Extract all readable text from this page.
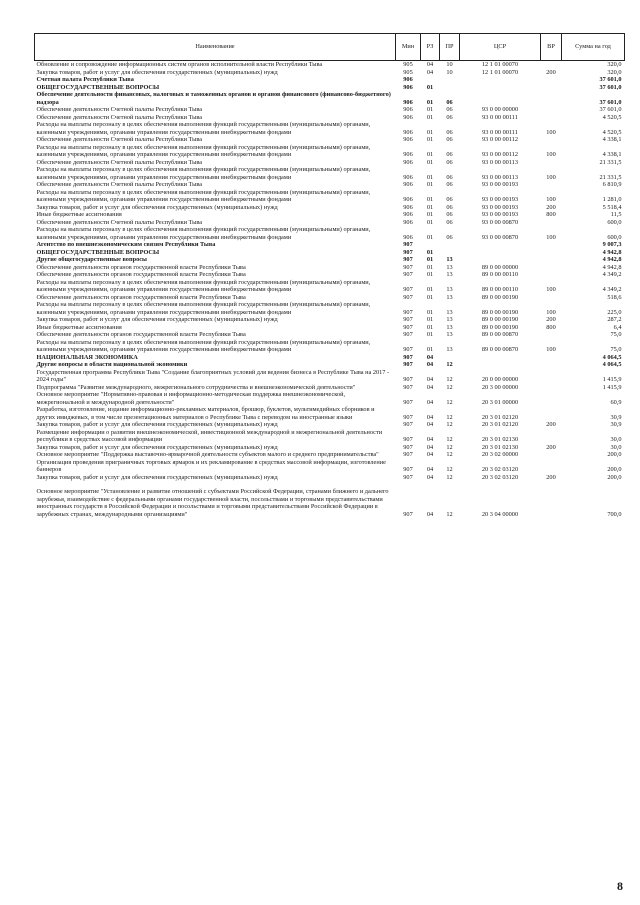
Наименование	Мин	РЗ	ПР	ЦСР	ВР	Сумма на год
Обновление и сопровождение информационных систем органов исполнительной власти Республики Тыва	905	04	10	12 1 01 00070		320,0
Закупка товаров, работ и услуг для обеспечения государственных (муниципальных) нужд	905	04	10	12 1 01 00070	200	320,0
Счетная палата Республики Тыва	906					37 601,0
ОБЩЕГОСУДАРСТВЕННЫЕ ВОПРОСЫ	906	01				37 601,0
Обеспечение деятельности финансовых, налоговых и таможенных органов и органов финансового (финансово-бюджетного) надзора	906	01	06			37 601,0
Обеспечение деятельности Счетной палаты Республики Тыва	906	01	06	93 0 00 00000		37 601,0
Обеспечение деятельности Счетной палаты Республики Тыва	906	01	06	93 0 00 00111		4 520,5
Расходы на выплаты персоналу в целях обеспечения выполнения функций государственными (муниципальными) органами, казенными учреждениями, органами управления государственными внебюджетными фондами	906	01	06	93 0 00 00111	100	4 520,5
Обеспечение деятельности Счетной палаты Республики Тыва	906	01	06	93 0 00 00112		4 338,1
Расходы на выплаты персоналу в целях обеспечения выполнения функций государственными (муниципальными) органами, казенными учреждениями, органами управления государственными внебюджетными фондами	906	01	06	93 0 00 00112	100	4 338,1
Обеспечение деятельности Счетной палаты Республики Тыва	906	01	06	93 0 00 00113		21 331,5
Расходы на выплаты персоналу в целях обеспечения выполнения функций государственными (муниципальными) органами, казенными учреждениями, органами управления государственными внебюджетными фондами	906	01	06	93 0 00 00113	100	21 331,5
Обеспечение деятельности Счетной палаты Республики Тыва	906	01	06	93 0 00 00193		6 810,9
Расходы на выплаты персоналу в целях обеспечения выполнения функций государственными (муниципальными) органами, казенными учреждениями, органами управления государственными внебюджетными фондами	906	01	06	93 0 00 00193	100	1 281,0
Закупка товаров, работ и услуг для обеспечения государственных (муниципальных) нужд	906	01	06	93 0 00 00193	200	5 518,4
Иные бюджетные ассигнования	906	01	06	93 0 00 00193	800	11,5
Обеспечение деятельности Счетной палаты Республики Тыва	906	01	06	93 0 00 00870		600,0
Расходы на выплаты персоналу в целях обеспечения выполнения функций государственными (муниципальными) органами, казенными учреждениями, органами управления государственными внебюджетными фондами	906	01	06	93 0 00 00870	100	600,0
Агентство по внешнеэкономическим связям Республики Тыва	907					9 007,3
ОБЩЕГОСУДАРСТВЕННЫЕ ВОПРОСЫ	907	01				4 942,8
Другие общегосударственные вопросы	907	01	13			4 942,8
Обеспечение деятельности органов государственной власти Республики Тыва	907	01	13	89 0 00 00000		4 942,8
Обеспечение деятельности органов государственной власти Республики Тыва	907	01	13	89 0 00 00110		4 349,2
Расходы на выплаты персоналу в целях обеспечения выполнения функций государственными (муниципальными) органами, казенными учреждениями, органами управления государственными внебюджетными фондами	907	01	13	89 0 00 00110	100	4 349,2
Обеспечение деятельности органов государственной власти Республики Тыва	907	01	13	89 0 00 00190		518,6
Расходы на выплаты персоналу в целях обеспечения выполнения функций государственными (муниципальными) органами, казенными учреждениями, органами управления государственными внебюджетными фондами	907	01	13	89 0 00 00190	100	225,0
Закупка товаров, работ и услуг для обеспечения государственных (муниципальных) нужд	907	01	13	89 0 00 00190	200	287,2
Иные бюджетные ассигнования	907	01	13	89 0 00 00190	800	6,4
Обеспечение деятельности органов государственной власти Республики Тыва	907	01	13	89 0 00 00870		75,0
Расходы на выплаты персоналу в целях обеспечения выполнения функций государственными (муниципальными) органами, казенными учреждениями, органами управления государственными внебюджетными фондами	907	01	13	89 0 00 00870	100	75,0
НАЦИОНАЛЬНАЯ ЭКОНОМИКА	907	04				4 064,5
Другие вопросы в области национальной экономики	907	04	12			4 064,5
Государственная программа Республики Тыва "Создание благоприятных условий для ведения бизнеса в Республике Тыва на 2017 - 2024 годы"	907	04	12	20 0 00 00000		1 415,9
Подпрограмма "Развитие международного, межрегионального сотрудничества и внешнеэкономической деятельности"	907	04	12	20 3 00 00000		1 415,9
Основное мероприятие "Нормативно-правовая и информационно-методическая поддержка внешнеэкономической, межрегиональной и международной деятельности"	907	04	12	20 3 01 00000		60,9
Разработка, изготовление, издание информационно-рекламных материалов, брошюр, буклетов, мультимедийных сборников и других имиджевых, в том числе презентационных материалов о Республике Тыва с переводом на иностранные языки	907	04	12	20 3 01 02120		30,9
Закупка товаров, работ и услуг для обеспечения государственных (муниципальных) нужд	907	04	12	20 3 01 02120	200	30,9
Размещение информации о развитии внешнеэкономической, инвестиционной международной и межрегиональной деятельности республики в средствах массовой информации	907	04	12	20 3 01 02130		30,0
Закупка товаров, работ и услуг для обеспечения государственных (муниципальных) нужд	907	04	12	20 3 01 02130	200	30,0
Основное мероприятие "Поддержка выставочно-ярмарочной деятельности субъектов малого и среднего предпринимательства"	907	04	12	20 3 02 00000		200,0
Организация проведения приграничных торговых ярмарок и их рекламирование в средствах массовой информации, изготовление баннеров	907	04	12	20 3 02 03120		200,0
Закупка товаров, работ и услуг для обеспечения государственных (муниципальных) нужд	907	04	12	20 3 02 03120	200	200,0

Основное мероприятие "Установление и развитие отношений с субъектами Российской Федерации, странами ближнего и дальнего зарубежья, взаимодействие с федеральными органами государственной власти, посольствами и торговыми представительствами иностранных государств в Российской Федерации и посольствами и торговыми представительствами Российской Федерации в зарубежных странах, международными организациями"	907	04	12	20 3 04 00000		700,0
8
